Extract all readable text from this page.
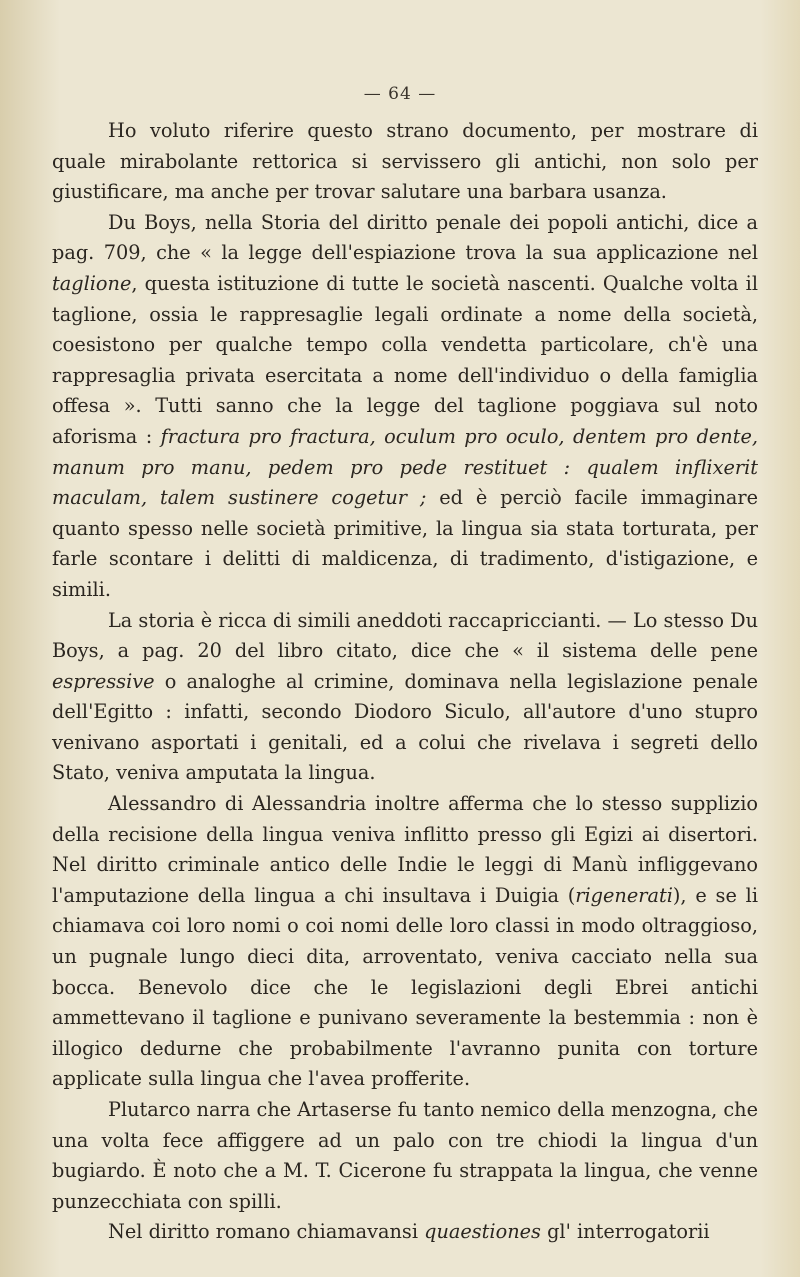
— 64 —

Ho voluto riferire questo strano documento, per mostrare di quale mirabolante rettorica si servissero gli antichi, non solo per giustificare, ma anche per trovar salutare una barbara usanza.

Du Boys, nella Storia del diritto penale dei popoli antichi, dice a pag. 709, che « la legge dell'espiazione trova la sua applicazione nel taglione, questa istituzione di tutte le società nascenti. Qualche volta il taglione, ossia le rappresaglie legali ordinate a nome della società, coesistono per qualche tempo colla vendetta particolare, ch'è una rappresaglia privata esercitata a nome dell'individuo o della famiglia offesa ». Tutti sanno che la legge del taglione poggiava sul noto aforisma : fractura pro fractura, oculum pro oculo, dentem pro dente, manum pro manu, pedem pro pede restituet : qualem inflixerit maculam, talem sustinere cogetur ; ed è perciò facile immaginare quanto spesso nelle società primitive, la lingua sia stata torturata, per farle scontare i delitti di maldicenza, di tradimento, d'istigazione, e simili.

La storia è ricca di simili aneddoti raccapriccianti. — Lo stesso Du Boys, a pag. 20 del libro citato, dice che « il sistema delle pene espressive o analoghe al crimine, dominava nella legislazione penale dell'Egitto : infatti, secondo Diodoro Siculo, all'autore d'uno stupro venivano asportati i genitali, ed a colui che rivelava i segreti dello Stato, veniva amputata la lingua.

Alessandro di Alessandria inoltre afferma che lo stesso supplizio della recisione della lingua veniva inflitto presso gli Egizi ai disertori. Nel diritto criminale antico delle Indie le leggi di Manù infliggevano l'amputazione della lingua a chi insultava i Duigia (rigenerati), e se li chiamava coi loro nomi o coi nomi delle loro classi in modo oltraggioso, un pugnale lungo dieci dita, arroventato, veniva cacciato nella sua bocca. Benevolo dice che le legislazioni degli Ebrei antichi ammettevano il taglione e punivano severamente la bestemmia : non è illogico dedurne che probabilmente l'avranno punita con torture applicate sulla lingua che l'avea profferite.

Plutarco narra che Artaserse fu tanto nemico della menzogna, che una volta fece affiggere ad un palo con tre chiodi la lingua d'un bugiardo. È noto che a M. T. Cicerone fu strappata la lingua, che venne punzecchiata con spilli.

Nel diritto romano chiamavansi quaestiones gl' interrogatorii
